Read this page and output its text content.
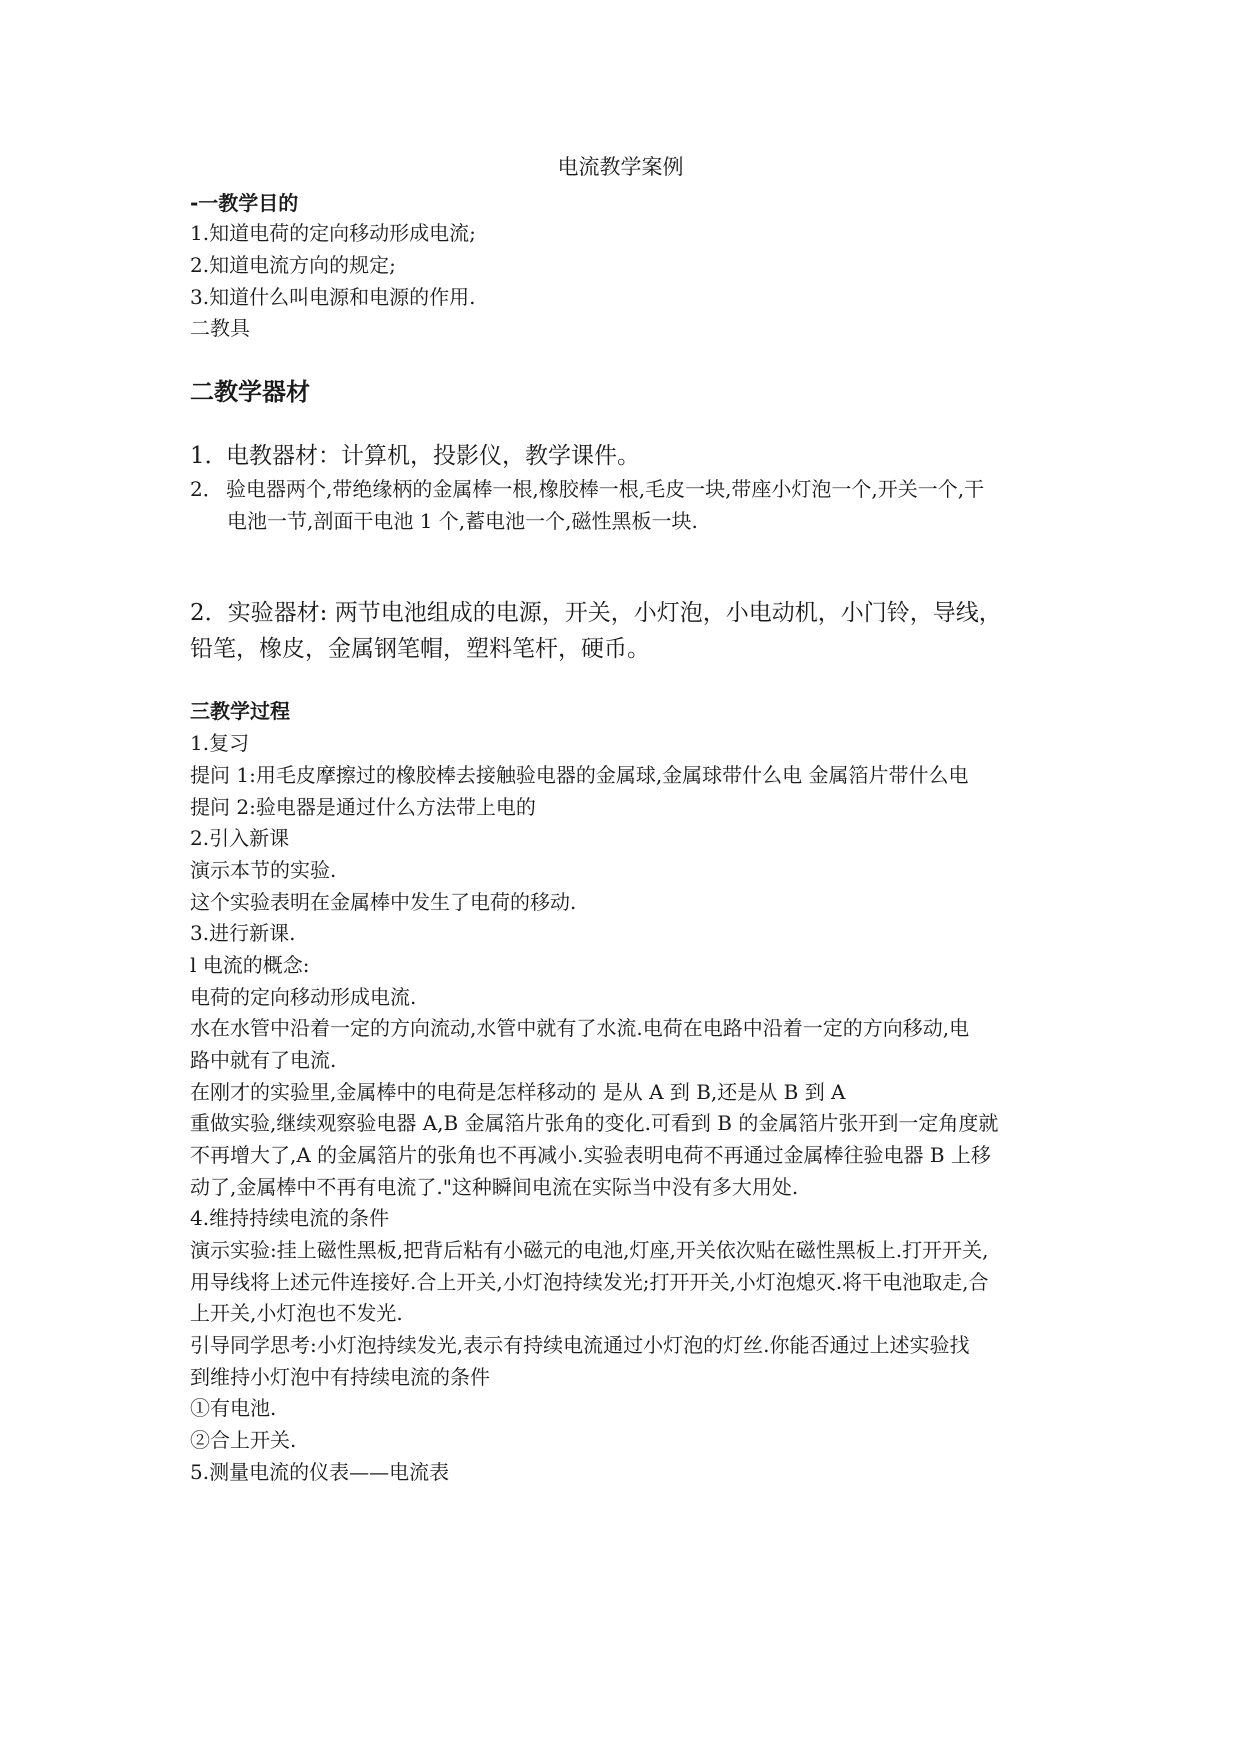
电流教学案例
-一教学目的
1.知道电荷的定向移动形成电流;
2.知道电流方向的规定;
3.知道什么叫电源和电源的作用.
二教具
二教学器材
1．电教器材：计算机，投影仪，教学课件。
2． 验电器两个,带绝缘柄的金属棒一根,橡胶棒一根,毛皮一块,带座小灯泡一个,开关一个,干
电池一节,剖面干电池 1 个,蓄电池一个,磁性黑板一块.
2．实验器材: 两节电池组成的电源，开关，小灯泡，小电动机，小门铃，导线，
铅笔，橡皮，金属钢笔帽，塑料笔杆，硬币。
三教学过程
1.复习
提问 1:用毛皮摩擦过的橡胶棒去接触验电器的金属球,金属球带什么电 金属箔片带什么电
提问 2:验电器是通过什么方法带上电的
2.引入新课
演示本节的实验.
这个实验表明在金属棒中发生了电荷的移动.
3.进行新课.
l 电流的概念:
电荷的定向移动形成电流.
水在水管中沿着一定的方向流动,水管中就有了水流.电荷在电路中沿着一定的方向移动,电
路中就有了电流.
在刚才的实验里,金属棒中的电荷是怎样移动的 是从 A 到 B,还是从 B 到 A
重做实验,继续观察验电器 A,B 金属箔片张角的变化.可看到 B 的金属箔片张开到一定角度就
不再增大了,A 的金属箔片的张角也不再减小.实验表明电荷不再通过金属棒往验电器 B 上移
动了,金属棒中不再有电流了."这种瞬间电流在实际当中没有多大用处.
4.维持持续电流的条件
演示实验:挂上磁性黑板,把背后粘有小磁元的电池,灯座,开关依次贴在磁性黑板上.打开开关,
用导线将上述元件连接好.合上开关,小灯泡持续发光;打开开关,小灯泡熄灭.将干电池取走,合
上开关,小灯泡也不发光.
引导同学思考:小灯泡持续发光,表示有持续电流通过小灯泡的灯丝.你能否通过上述实验找
到维持小灯泡中有持续电流的条件
①有电池.
②合上开关.
5.测量电流的仪表——电流表
